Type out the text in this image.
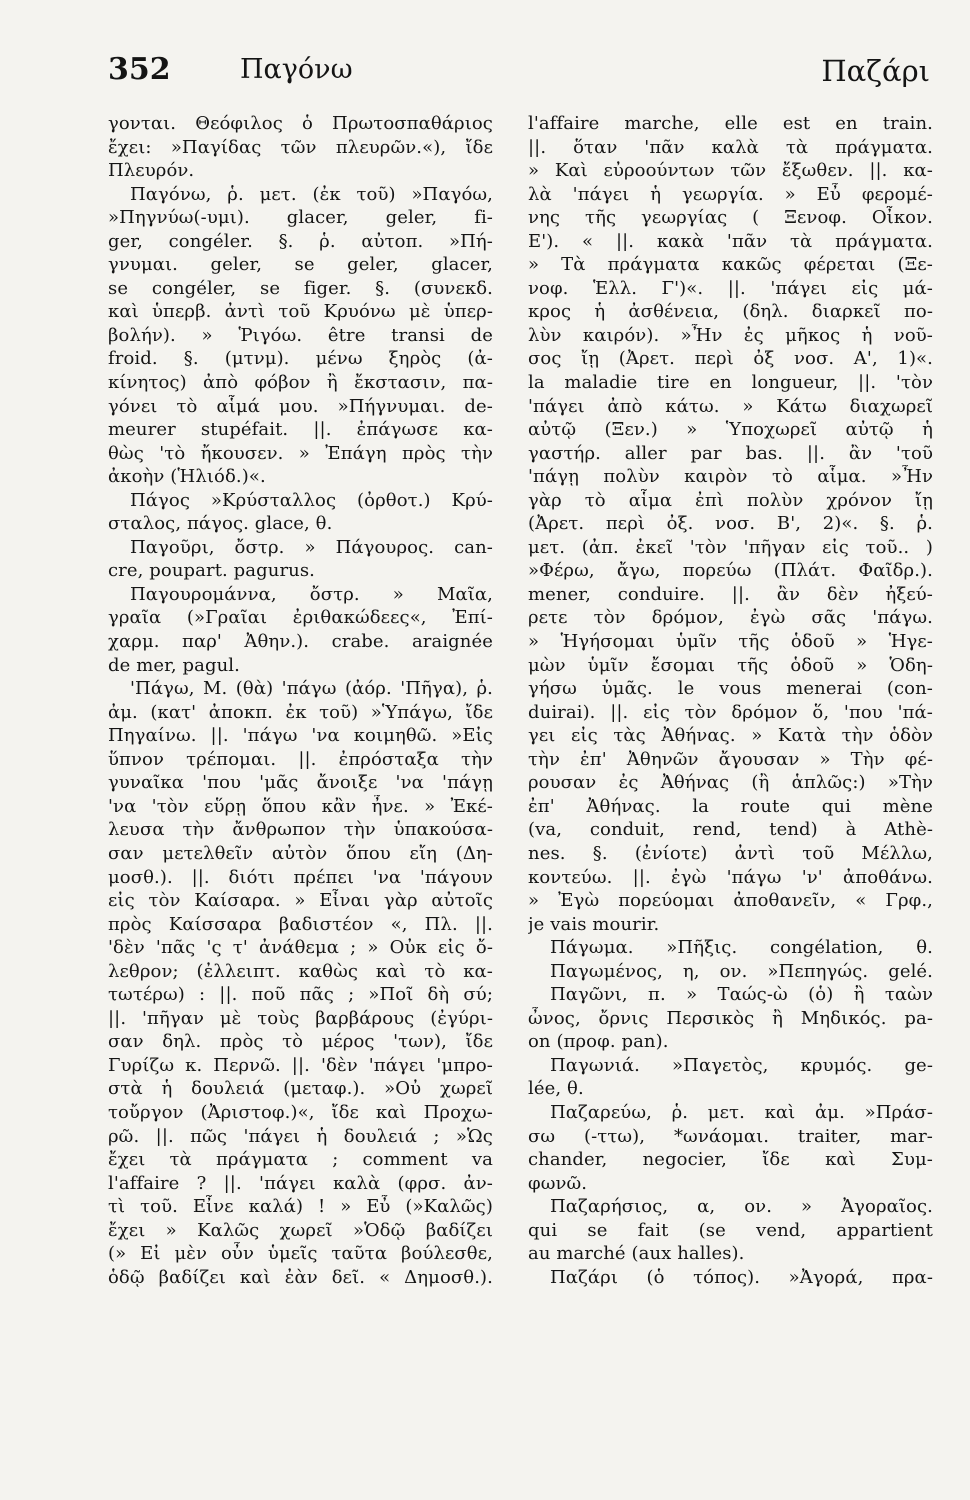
352	Παγόνω	Παζάρι
γονται. Θεόφιλος ὁ Πρωτοσπαθάριος
ἔχει: »Παγίδας τῶν πλευρῶν.«), ἴδε
Πλευρόν.
Παγόνω, ῥ. μετ. (ἐκ τοῦ) »Παγόω,
»Πηγνύω(-υμι). glacer, geler, fi-
ger, congéler. §. ῥ. αὐτοπ. »Πή-
γνυμαι. geler, se geler, glacer,
se congéler, se figer. §. (συνεκδ.
καὶ ὑπερβ. ἀντὶ τοῦ Κρυόνω μὲ ὑπερ-
βολήν). » Ῥιγόω. être transi de
froid. §. (μτνμ). μένω ξηρὸς (ἀ-
κίνητος) ἀπὸ φόβον ἢ ἔκστασιν, πα-
γόνει τὸ αἷμά μου. »Πήγνυμαι. de-
meurer stupéfait. ||. ἐπάγωσε κα-
θὼς 'τὸ ἤκουσεν. » Ἐπάγη πρὸς τὴν
ἀκοὴν (Ἡλιόδ.)«.
Πάγος »Κρύσταλλος (ὀρθοτ.) Κρύ-
σταλος, πάγος. glace, θ.
Παγοῦρι, ὄστρ. » Πάγουρος. can-
cre, poupart. pagurus.
Παγουρομάννα, ὄστρ. » Μαῖα,
γραῖα (»Γραῖαι ἐριθακώδεες«, Ἐπί-
χαρμ. παρ' Ἀθην.). crabe. araignée
de mer, pagul.
'Πάγω, Μ. (θὰ) 'πάγω (ἀόρ. 'Πῆγα), ῥ.
ἀμ. (κατ' ἀποκπ. ἐκ τοῦ) »Ὑπάγω, ἴδε
Πηγαίνω. ||. 'πάγω 'να κοιμηθῶ. »Εἰς
ὕπνον τρέπομαι. ||. ἐπρόσταξα τὴν
γυναῖκα 'που 'μᾶς ἄνοιξε 'να 'πάγῃ
'να 'τὸν εὕρῃ ὅπου κἂν ἦνε. » Ἐκέ-
λευσα τὴν ἄνθρωπον τὴν ὑπακούσα-
σαν μετελθεῖν αὐτὸν ὅπου εἴη (Δη-
μοσθ.). ||. διότι πρέπει 'να 'πάγουν
εἰς τὸν Καίσαρα. » Εἶναι γὰρ αὐτοῖς
πρὸς Καίσσαρα βαδιστέον «, Πλ. ||.
'δὲν 'πᾶς 'ς τ' ἀνάθεμα ; » Οὐκ εἰς ὄ-
λεθρον; (ἐλλειπτ. καθὼς καὶ τὸ κα-
τωτέρω) : ||. ποῦ πᾶς ; »Ποῖ δὴ σύ;
||. 'πῆγαν μὲ τοὺς βαρβάρους (ἐγύρι-
σαν δηλ. πρὸς τὸ μέρος 'των), ἴδε
Γυρίζω κ. Περνῶ. ||. 'δὲν 'πάγει 'μπρο-
στὰ ἡ δουλειά (μεταφ.). »Οὐ χωρεῖ
τοὔργον (Ἀριστοφ.)«, ἴδε καὶ Προχω-
ρῶ. ||. πῶς 'πάγει ἡ δουλειά ; »Ὡς
ἔχει τὰ πράγματα ; comment va
l'affaire ? ||. 'πάγει καλὰ (φρσ. ἀν-
τὶ τοῦ. Εἶνε καλά) ! » Εὖ (»Καλῶς)
ἔχει » Καλῶς χωρεῖ »Ὁδῷ βαδίζει
(» Εἰ μὲν οὖν ὑμεῖς ταῦτα βούλεσθε,
ὁδῷ βαδίζει καὶ ἐὰν δεῖ. « Δημοσθ.).
l'affaire marche, elle est en train.
||. ὅταν 'πᾶν καλὰ τὰ πράγματα.
» Καὶ εὐροούντων τῶν ἔξωθεν. ||. κα-
λὰ 'πάγει ἡ γεωργία. » Εὖ φερομέ-
νης τῆς γεωργίας ( Ξενοφ. Οἶκον.
Ε'). « ||. κακὰ 'πᾶν τὰ πράγματα.
» Τὰ πράγματα κακῶς φέρεται (Ξε-
νοφ. Ἑλλ. Γ')«. ||. 'πάγει εἰς μά-
κρος ἡ ἀσθένεια, (δηλ. διαρκεῖ πο-
λὺν καιρόν). »Ἦν ἐς μῆκος ἡ νοῦ-
σος ἴῃ (Ἀρετ. περὶ ὀξ νοσ. Α', 1)«.
la maladie tire en longueur, ||. 'τὸν
'πάγει ἀπὸ κάτω. » Κάτω διαχωρεῖ
αὐτῷ (Ξεν.) » Ὑποχωρεῖ αὐτῷ ἡ
γαστήρ. aller par bas. ||. ἂν 'τοῦ
'πάγῃ πολὺν καιρὸν τὸ αἷμα. »Ἦν
γὰρ τὸ αἷμα ἐπὶ πολὺν χρόνον ἴῃ
(Ἀρετ. περὶ ὀξ. νοσ. Β', 2)«. §. ῥ.
μετ. (ἀπ. ἐκεῖ 'τὸν 'πῆγαν εἰς τοῦ.. )
»Φέρω, ἄγω, πορεύω (Πλάτ. Φαῖδρ.).
mener, conduire. ||. ἂν δὲν ἠξεύ-
ρετε τὸν δρόμον, ἐγὼ σᾶς 'πάγω.
» Ἡγήσομαι ὑμῖν τῆς ὁδοῦ » Ἡγε-
μὼν ὑμῖν ἔσομαι τῆς ὁδοῦ » Ὁδη-
γήσω ὑμᾶς. le vous menerai (con-
duirai). ||. εἰς τὸν δρόμον ὅ, 'που 'πά-
γει εἰς τὰς Ἀθήνας. » Κατὰ τὴν ὁδὸν
τὴν ἐπ' Ἀθηνῶν ἄγουσαν » Τὴν φέ-
ρουσαν ἐς Ἀθήνας (ἢ ἁπλῶς:) »Τὴν
ἐπ' Ἀθήνας. la route qui mène
(va, conduit, rend, tend) à Athè-
nes. §. (ἐνίοτε) ἀντὶ τοῦ Μέλλω,
κοντεύω. ||. ἐγὼ 'πάγω 'ν' ἀποθάνω.
» Ἐγὼ πορεύομαι ἀποθανεῖν, « Γρφ.,
je vais mourir.
Πάγωμα. »Πῆξις. congélation, θ.
Παγωμένος, η, ον. »Πεπηγώς. gelé.
Παγῶνι, π. » Ταώς-ὼ (ὁ) ἢ ταὼν
ὦνος, ὄρνις Περσικὸς ἢ Μηδικός. pa-
on (προφ. pan).
Παγωνιά. »Παγετὸς, κρυμός. ge-
lée, θ.
Παζαρεύω, ῥ. μετ. καὶ ἀμ. »Πράσ-
σω (-ττω), *ωνάομαι. traiter, mar-
chander, negocier, ἴδε καὶ Συμ-
φωνῶ.
Παζαρήσιος, α, ον. » Ἀγοραῖος.
qui se fait (se vend, appartient
au marché (aux halles).
Παζάρι (ὁ τόπος). »Ἀγορά, πρα-
